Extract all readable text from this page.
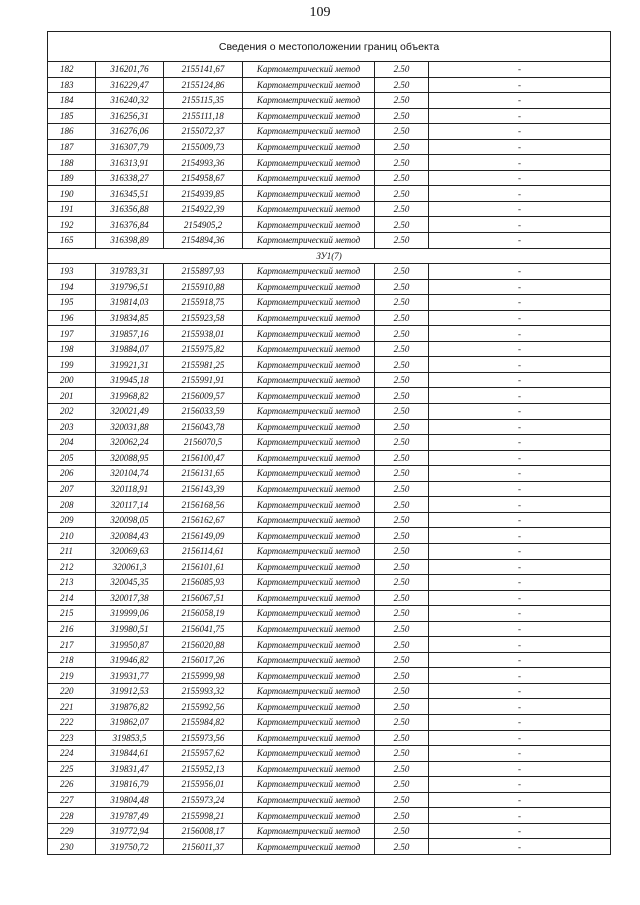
109
Сведения о местоположении границ объекта					
182	316201,76	2155141,67	Картометрический метод	2.50	-
183	316229,47	2155124,86	Картометрический метод	2.50	-
184	316240,32	2155115,35	Картометрический метод	2.50	-
185	316256,31	2155111,18	Картометрический метод	2.50	-
186	316276,06	2155072,37	Картометрический метод	2.50	-
187	316307,79	2155009,73	Картометрический метод	2.50	-
188	316313,91	2154993,36	Картометрический метод	2.50	-
189	316338,27	2154958,67	Картометрический метод	2.50	-
190	316345,51	2154939,85	Картометрический метод	2.50	-
191	316356,88	2154922,39	Картометрический метод	2.50	-
192	316376,84	2154905,2	Картометрический метод	2.50	-
165	316398,89	2154894,36	Картометрический метод	2.50	-
ЗУ1(7)					
193	319783,31	2155897,93	Картометрический метод	2.50	-
194	319796,51	2155910,88	Картометрический метод	2.50	-
195	319814,03	2155918,75	Картометрический метод	2.50	-
196	319834,85	2155923,58	Картометрический метод	2.50	-
197	319857,16	2155938,01	Картометрический метод	2.50	-
198	319884,07	2155975,82	Картометрический метод	2.50	-
199	319921,31	2155981,25	Картометрический метод	2.50	-
200	319945,18	2155991,91	Картометрический метод	2.50	-
201	319968,82	2156009,57	Картометрический метод	2.50	-
202	320021,49	2156033,59	Картометрический метод	2.50	-
203	320031,88	2156043,78	Картометрический метод	2.50	-
204	320062,24	2156070,5	Картометрический метод	2.50	-
205	320088,95	2156100,47	Картометрический метод	2.50	-
206	320104,74	2156131,65	Картометрический метод	2.50	-
207	320118,91	2156143,39	Картометрический метод	2.50	-
208	320117,14	2156168,56	Картометрический метод	2.50	-
209	320098,05	2156162,67	Картометрический метод	2.50	-
210	320084,43	2156149,09	Картометрический метод	2.50	-
211	320069,63	2156114,61	Картометрический метод	2.50	-
212	320061,3	2156101,61	Картометрический метод	2.50	-
213	320045,35	2156085,93	Картометрический метод	2.50	-
214	320017,38	2156067,51	Картометрический метод	2.50	-
215	319999,06	2156058,19	Картометрический метод	2.50	-
216	319980,51	2156041,75	Картометрический метод	2.50	-
217	319950,87	2156020,88	Картометрический метод	2.50	-
218	319946,82	2156017,26	Картометрический метод	2.50	-
219	319931,77	2155999,98	Картометрический метод	2.50	-
220	319912,53	2155993,32	Картометрический метод	2.50	-
221	319876,82	2155992,56	Картометрический метод	2.50	-
222	319862,07	2155984,82	Картометрический метод	2.50	-
223	319853,5	2155973,56	Картометрический метод	2.50	-
224	319844,61	2155957,62	Картометрический метод	2.50	-
225	319831,47	2155952,13	Картометрический метод	2.50	-
226	319816,79	2155956,01	Картометрический метод	2.50	-
227	319804,48	2155973,24	Картометрический метод	2.50	-
228	319787,49	2155998,21	Картометрический метод	2.50	-
229	319772,94	2156008,17	Картометрический метод	2.50	-
230	319750,72	2156011,37	Картометрический метод	2.50	-
